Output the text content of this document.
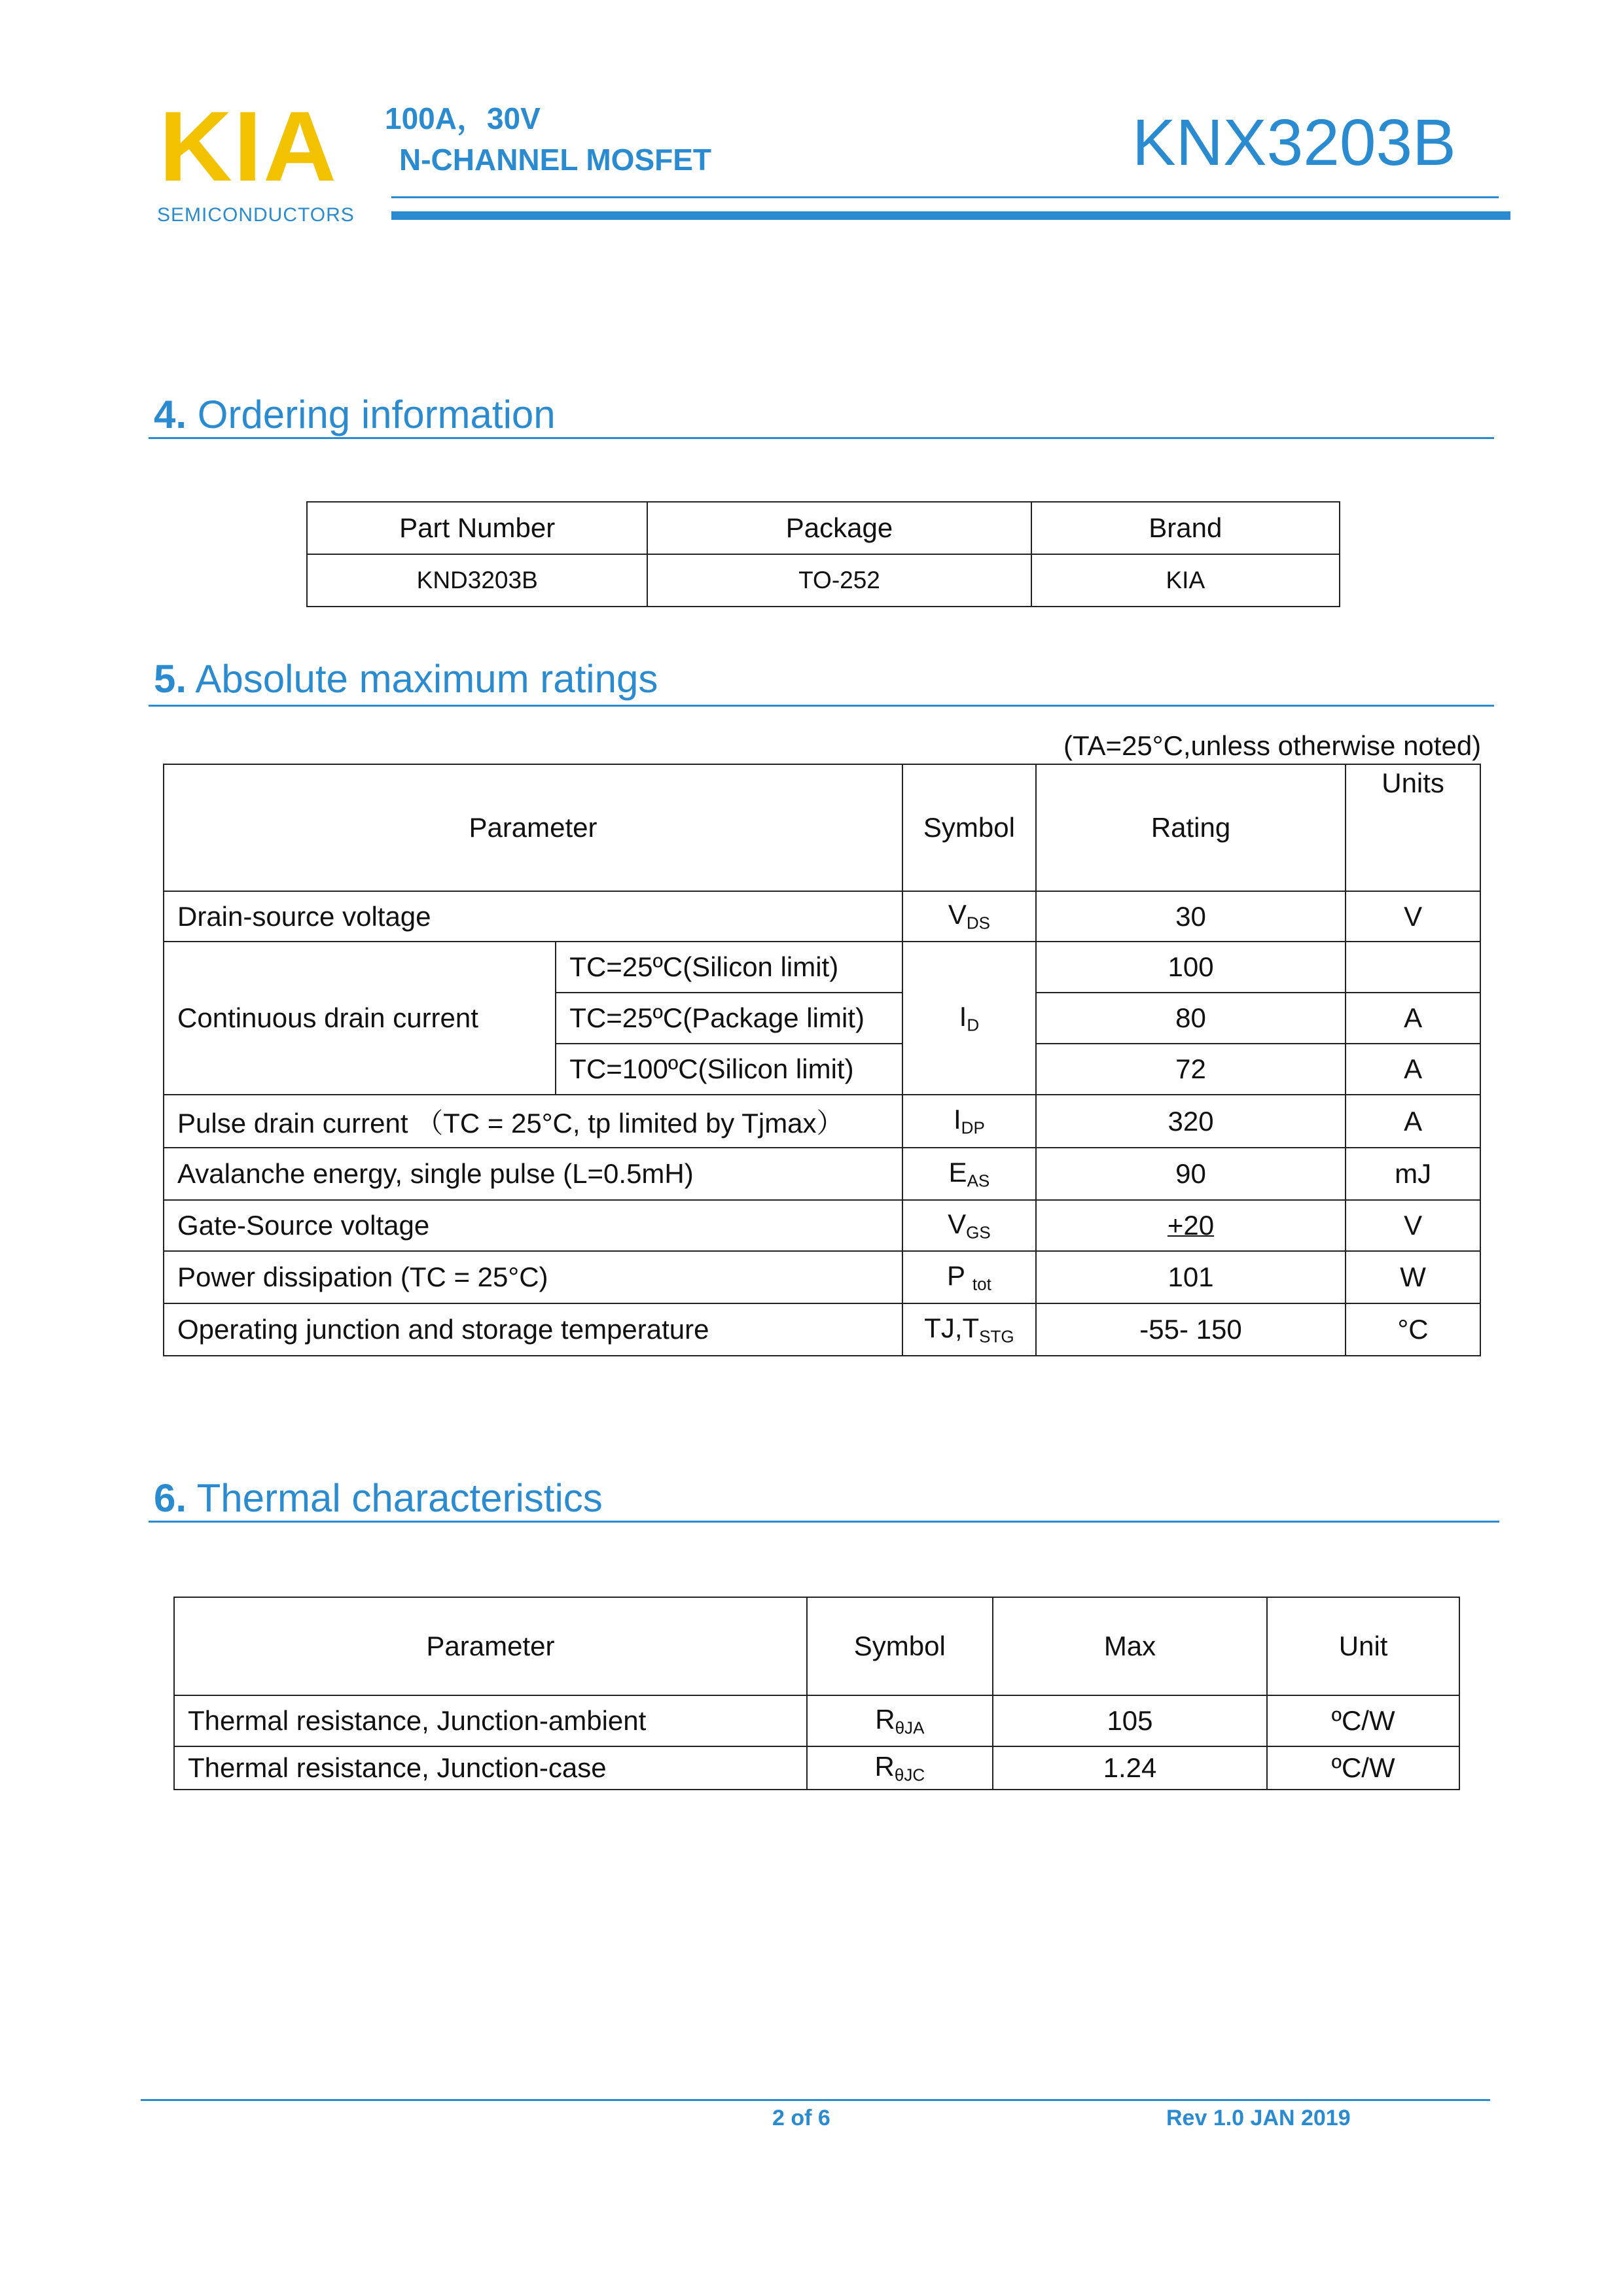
KIA
SEMICONDUCTORS
100A，30V
N-CHANNEL MOSFET	KNX3203B
4. Ordering information
Part Number	Package	Brand
KND3203B	TO-252	KIA
5. Absolute maximum ratings
(TA=25°C,unless otherwise noted)
Parameter		Symbol	Rating	Units
Drain-source voltage		$V_{DS}$	30	V
Continuous drain current	TC=25ºC(Silicon limit)	$I_D$	100	
	TC=25ºC(Package limit)		80	A
	TC=100ºC(Silicon limit)		72	A
Pulse drain current （TC = 25°C, tp limited by Tjmax）		$I_{DP}$	320	A
Avalanche energy, single pulse (L=0.5mH)		$E_{AS}$	90	mJ
Gate-Source voltage		$V_{GS}$	+20	V
Power dissipation (TC = 25°C)		P $_{tot}$	101	W
Operating junction and storage temperature		$TJ,T_{STG}$	-55- 150	°C
6. Thermal characteristics
Parameter	Symbol	Max	Unit
Thermal resistance, Junction-ambient	$R_{\theta JA}$	105	ºC/W
Thermal resistance, Junction-case	$R_{\theta JC}$	1.24	ºC/W
2 of 6	Rev 1.0 JAN 2019
